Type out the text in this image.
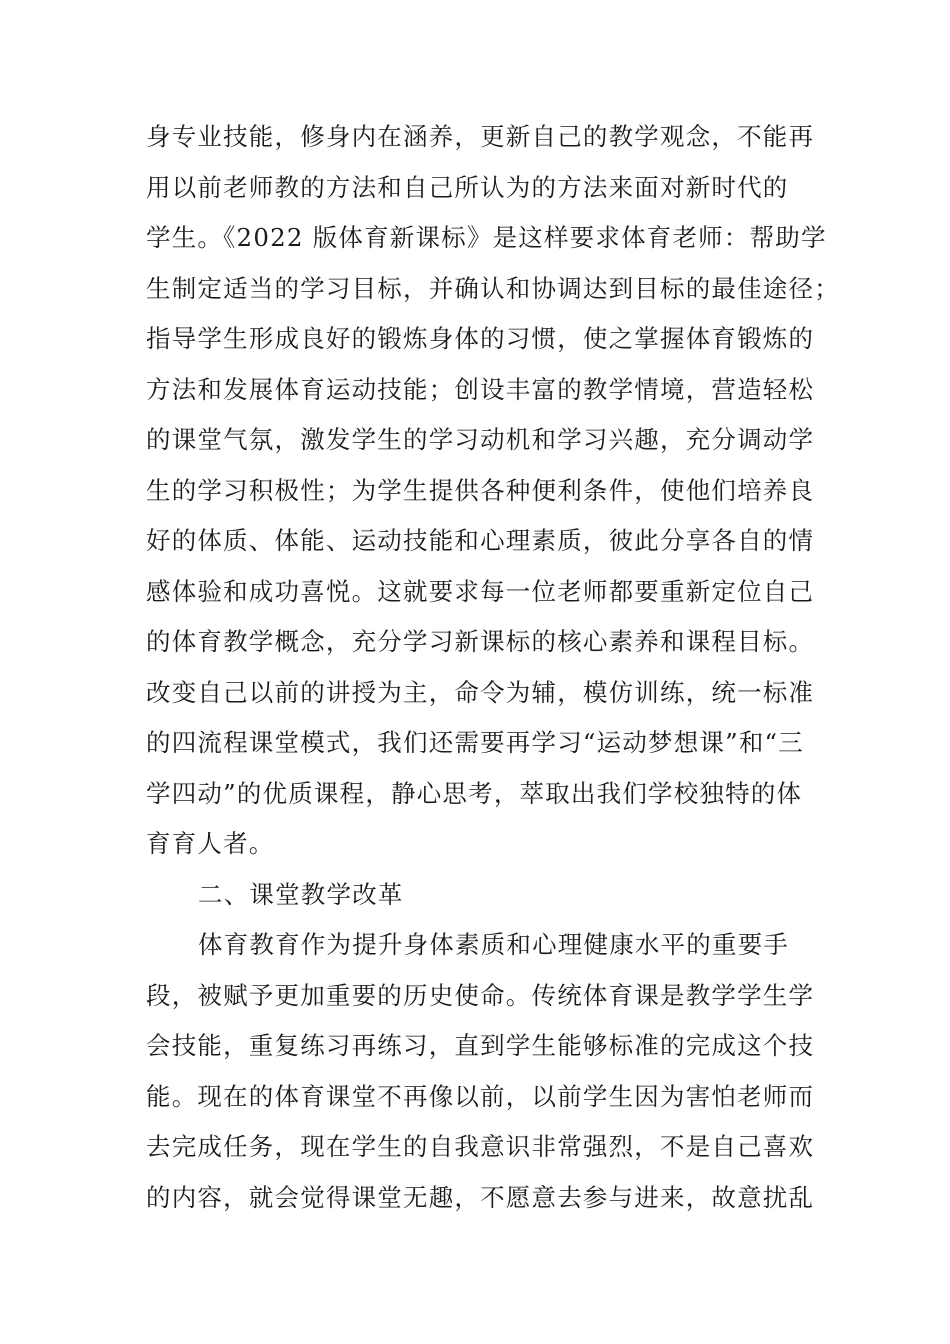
身专业技能，修身内在涵养，更新自己的教学观念，不能再
用以前老师教的方法和自己所认为的方法来面对新时代的
学生。《2022 版体育新课标》是这样要求体育老师：帮助学
生制定适当的学习目标，并确认和协调达到目标的最佳途径；
指导学生形成良好的锻炼身体的习惯，使之掌握体育锻炼的
方法和发展体育运动技能；创设丰富的教学情境，营造轻松
的课堂气氛，激发学生的学习动机和学习兴趣，充分调动学
生的学习积极性；为学生提供各种便利条件，使他们培养良
好的体质、体能、运动技能和心理素质，彼此分享各自的情
感体验和成功喜悦。这就要求每一位老师都要重新定位自己
的体育教学概念，充分学习新课标的核心素养和课程目标。
改变自己以前的讲授为主，命令为辅，模仿训练，统一标准
的四流程课堂模式，我们还需要再学习“运动梦想课”和“三
学四动”的优质课程，静心思考，萃取出我们学校独特的体
育育人者。
二、课堂教学改革
体育教育作为提升身体素质和心理健康水平的重要手
段，被赋予更加重要的历史使命。传统体育课是教学学生学
会技能，重复练习再练习，直到学生能够标准的完成这个技
能。现在的体育课堂不再像以前，以前学生因为害怕老师而
去完成任务，现在学生的自我意识非常强烈，不是自己喜欢
的内容，就会觉得课堂无趣，不愿意去参与进来，故意扰乱
